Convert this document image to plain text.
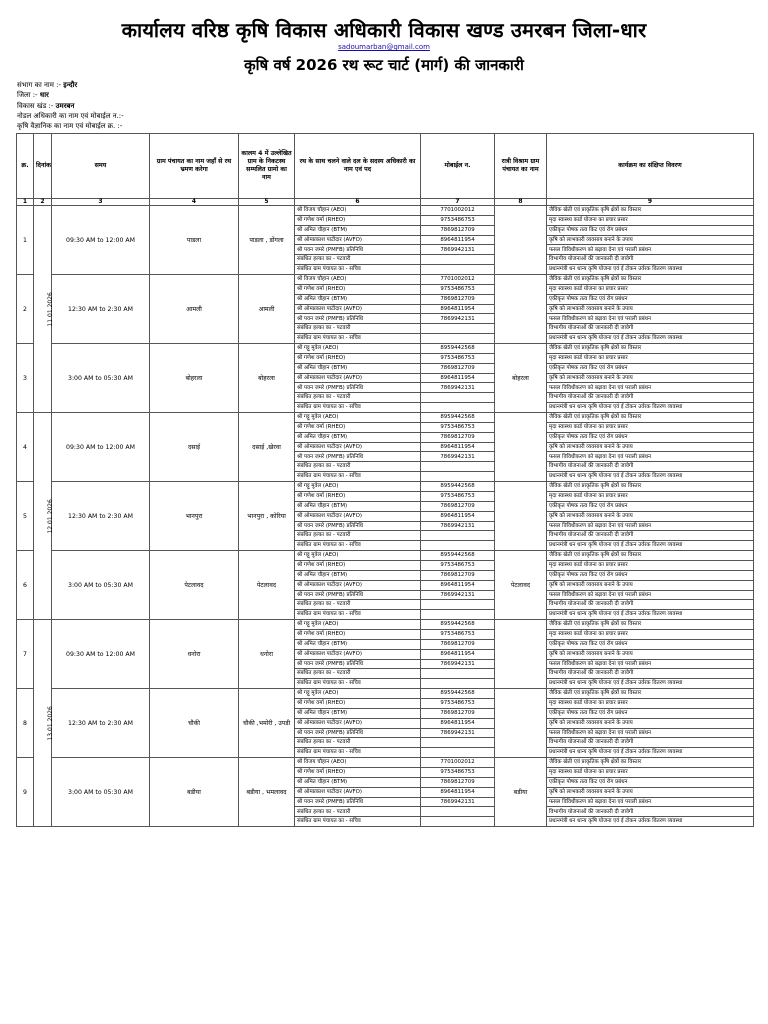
कार्यालय वरिष्ठ कृषि विकास अधिकारी विकास खण्ड उमरबन जिला-धार
sadoumarban@gmail.com
कृषि वर्ष 2026 रथ रूट चार्ट (मार्ग) की जानकारी
संभाग का नाम :- इन्दौर
जिला :- धार
विकास खंड :- उमरबन
नोडल अधिकारी का नाम एवं मोबाईल न.:-
कृषि वैज्ञानिक का नाम एवं मोबाईल क्र. :-
क्र.	दिनांक	समय	ग्राम पंचायत का नाम जहाँ से रथ भ्रमण करेगा	कालम 4 में उल्लेखित ग्राम के निकटस्थ सम्मलित ग्रामो का नाम	रथ के साथ चलने वाले दल के सदस्य अधिकारी का नाम एवं पद	मोबाईल न.	रात्री विश्राम ग्राम पंचायत का नाम	कार्यक्रम का संक्षिप्त विवरण
1	2	3	4	5	6	7	8	9
1	11.01.2026	09:30 AM to 12:00 AM	पाडला	पाडला , डोंगला	श्री विजय चौहान (AEO)	7701002012		जैविक खेती एवं प्राकृतिक कृषि क्षेत्रों का विस्तार
					श्री गणेश वर्मा (RHEO)	9753486753		मृदा स्वास्थ्य कार्ड योजना का प्रचार प्रसार
					श्री अमित चौहान (BTM)	7869812709		एकीकृत पोषक तत्व किट एवं रोग प्रबंधन
					श्री ओमप्रकाश पाटीदार (AVFO)	8964811954		कृषि को लाभकारी व्यवसाय बनाने के उपाय
					श्री पवन जमरे (PMFB) प्रतिनिधि	7869942131		फसल विविधीकरण को बढ़ावा देना एवं पराली प्रबंधन
					संबंधित हल्का का - पटवारी			विभागीय योजनाओं की जानकारी दी जावेगी
					संबंधित ग्राम पंचायत का - सचिव			प्रधानमंत्री धन धान्य कृषि योजना एवं ई टोकन उर्वरक वितरण व्यवस्था
2		12:30 AM to 2:30 AM	आमली	आमली	श्री विजय चौहान (AEO)	7701002012		जैविक खेती एवं प्राकृतिक कृषि क्षेत्रों का विस्तार
					श्री गणेश वर्मा (RHEO)	9753486753		मृदा स्वास्थ्य कार्ड योजना का प्रचार प्रसार
					श्री अमित चौहान (BTM)	7869812709		एकीकृत पोषक तत्व किट एवं रोग प्रबंधन
					श्री ओमप्रकाश पाटीदार (AVFO)	8964811954		कृषि को लाभकारी व्यवसाय बनाने के उपाय
					श्री पवन जमरे (PMFB) प्रतिनिधि	7869942131		फसल विविधीकरण को बढ़ावा देना एवं पराली प्रबंधन
					संबंधित हल्का का - पटवारी			विभागीय योजनाओं की जानकारी दी जावेगी
					संबंधित ग्राम पंचायत का - सचिव			प्रधानमंत्री धन धान्य कृषि योजना एवं ई टोकन उर्वरक वितरण व्यवस्था
3		3:00 AM to 05:30 AM	बोहरला	बोहरला	श्री गट्टू मुवेल (AEO)	8959442568	बोहरला	जैविक खेती एवं प्राकृतिक कृषि क्षेत्रों का विस्तार
					श्री गणेश वर्मा (RHEO)	9753486753		मृदा स्वास्थ्य कार्ड योजना का प्रचार प्रसार
					श्री अमित चौहान (BTM)	7869812709		एकीकृत पोषक तत्व किट एवं रोग प्रबंधन
					श्री ओमप्रकाश पाटीदार (AVFO)	8964811954		कृषि को लाभकारी व्यवसाय बनाने के उपाय
					श्री पवन जमरे (PMFB) प्रतिनिधि	7869942131		फसल विविधीकरण को बढ़ावा देना एवं पराली प्रबंधन
					संबंधित हल्का का - पटवारी			विभागीय योजनाओं की जानकारी दी जावेगी
					संबंधित ग्राम पंचायत का - सचिव			प्रधानमंत्री धन धान्य कृषि योजना एवं ई टोकन उर्वरक वितरण व्यवस्था
4	12.01.2026	09:30 AM to 12:00 AM	दसाई	दसाई ,खेरवा	श्री गट्टू मुवेल (AEO)	8959442568		जैविक खेती एवं प्राकृतिक कृषि क्षेत्रों का विस्तार
					श्री गणेश वर्मा (RHEO)	9753486753		मृदा स्वास्थ्य कार्ड योजना का प्रचार प्रसार
					श्री अमित चौहान (BTM)	7869812709		एकीकृत पोषक तत्व किट एवं रोग प्रबंधन
					श्री ओमप्रकाश पाटीदार (AVFO)	8964811954		कृषि को लाभकारी व्यवसाय बनाने के उपाय
					श्री पवन जमरे (PMFB) प्रतिनिधि	7869942131		फसल विविधीकरण को बढ़ावा देना एवं पराली प्रबंधन
					संबंधित हल्का का - पटवारी			विभागीय योजनाओं की जानकारी दी जावेगी
					संबंधित ग्राम पंचायत का - सचिव			प्रधानमंत्री धन धान्य कृषि योजना एवं ई टोकन उर्वरक वितरण व्यवस्था
5		12:30 AM to 2:30 AM	भानपुरा	भानपुरा , कोरिया	श्री गट्टू मुवेल (AEO)	8959442568		जैविक खेती एवं प्राकृतिक कृषि क्षेत्रों का विस्तार
					श्री गणेश वर्मा (RHEO)	9753486753		मृदा स्वास्थ्य कार्ड योजना का प्रचार प्रसार
					श्री अमित चौहान (BTM)	7869812709		एकीकृत पोषक तत्व किट एवं रोग प्रबंधन
					श्री ओमप्रकाश पाटीदार (AVFO)	8964811954		कृषि को लाभकारी व्यवसाय बनाने के उपाय
					श्री पवन जमरे (PMFB) प्रतिनिधि	7869942131		फसल विविधीकरण को बढ़ावा देना एवं पराली प्रबंधन
					संबंधित हल्का का - पटवारी			विभागीय योजनाओं की जानकारी दी जावेगी
					संबंधित ग्राम पंचायत का - सचिव			प्रधानमंत्री धन धान्य कृषि योजना एवं ई टोकन उर्वरक वितरण व्यवस्था
6		3:00 AM to 05:30 AM	पेटलावद	पेटलावद	श्री गट्टू मुवेल (AEO)	8959442568	पेटलावद	जैविक खेती एवं प्राकृतिक कृषि क्षेत्रों का विस्तार
					श्री गणेश वर्मा (RHEO)	9753486753		मृदा स्वास्थ्य कार्ड योजना का प्रचार प्रसार
					श्री अमित चौहान (BTM)	7869812709		एकीकृत पोषक तत्व किट एवं रोग प्रबंधन
					श्री ओमप्रकाश पाटीदार (AVFO)	8964811954		कृषि को लाभकारी व्यवसाय बनाने के उपाय
					श्री पवन जमरे (PMFB) प्रतिनिधि	7869942131		फसल विविधीकरण को बढ़ावा देना एवं पराली प्रबंधन
					संबंधित हल्का का - पटवारी			विभागीय योजनाओं की जानकारी दी जावेगी
					संबंधित ग्राम पंचायत का - सचिव			प्रधानमंत्री धन धान्य कृषि योजना एवं ई टोकन उर्वरक वितरण व्यवस्था
7	13.01.2026	09:30 AM to 12:00 AM	धनोरा	धनोरा	श्री गट्टू मुवेल (AEO)	8959442568		जैविक खेती एवं प्राकृतिक कृषि क्षेत्रों का विस्तार
					श्री गणेश वर्मा (RHEO)	9753486753		मृदा स्वास्थ्य कार्ड योजना का प्रचार प्रसार
					श्री अमित चौहान (BTM)	7869812709		एकीकृत पोषक तत्व किट एवं रोग प्रबंधन
					श्री ओमप्रकाश पाटीदार (AVFO)	8964811954		कृषि को लाभकारी व्यवसाय बनाने के उपाय
					श्री पवन जमरे (PMFB) प्रतिनिधि	7869942131		फसल विविधीकरण को बढ़ावा देना एवं पराली प्रबंधन
					संबंधित हल्का का - पटवारी			विभागीय योजनाओं की जानकारी दी जावेगी
					संबंधित ग्राम पंचायत का - सचिव			प्रधानमंत्री धन धान्य कृषि योजना एवं ई टोकन उर्वरक वितरण व्यवस्था
8		12:30 AM to 2:30 AM	चौकी	चौकी ,भमोरी , उपडी	श्री गट्टू मुवेल (AEO)	8959442568		जैविक खेती एवं प्राकृतिक कृषि क्षेत्रों का विस्तार
					श्री गणेश वर्मा (RHEO)	9753486753		मृदा स्वास्थ्य कार्ड योजना का प्रचार प्रसार
					श्री अमित चौहान (BTM)	7869812709		एकीकृत पोषक तत्व किट एवं रोग प्रबंधन
					श्री ओमप्रकाश पाटीदार (AVFO)	8964811954		कृषि को लाभकारी व्यवसाय बनाने के उपाय
					श्री पवन जमरे (PMFB) प्रतिनिधि	7869942131		फसल विविधीकरण को बढ़ावा देना एवं पराली प्रबंधन
					संबंधित हल्का का - पटवारी			विभागीय योजनाओं की जानकारी दी जावेगी
					संबंधित ग्राम पंचायत का - सचिव			प्रधानमंत्री धन धान्य कृषि योजना एवं ई टोकन उर्वरक वितरण व्यवस्था
9		3:00 AM to 05:30 AM	बडीया	बडीया , भमलावद	श्री विजय चौहान (AEO)	7701002012	बडीया	जैविक खेती एवं प्राकृतिक कृषि क्षेत्रों का विस्तार
					श्री गणेश वर्मा (RHEO)	9753486753		मृदा स्वास्थ्य कार्ड योजना का प्रचार प्रसार
					श्री अमित चौहान (BTM)	7869812709		एकीकृत पोषक तत्व किट एवं रोग प्रबंधन
					श्री ओमप्रकाश पाटीदार (AVFO)	8964811954		कृषि को लाभकारी व्यवसाय बनाने के उपाय
					श्री पवन जमरे (PMFB) प्रतिनिधि	7869942131		फसल विविधीकरण को बढ़ावा देना एवं पराली प्रबंधन
					संबंधित हल्का का - पटवारी			विभागीय योजनाओं की जानकारी दी जावेगी
					संबंधित ग्राम पंचायत का - सचिव			प्रधानमंत्री धन धान्य कृषि योजना एवं ई टोकन उर्वरक वितरण व्यवस्था
